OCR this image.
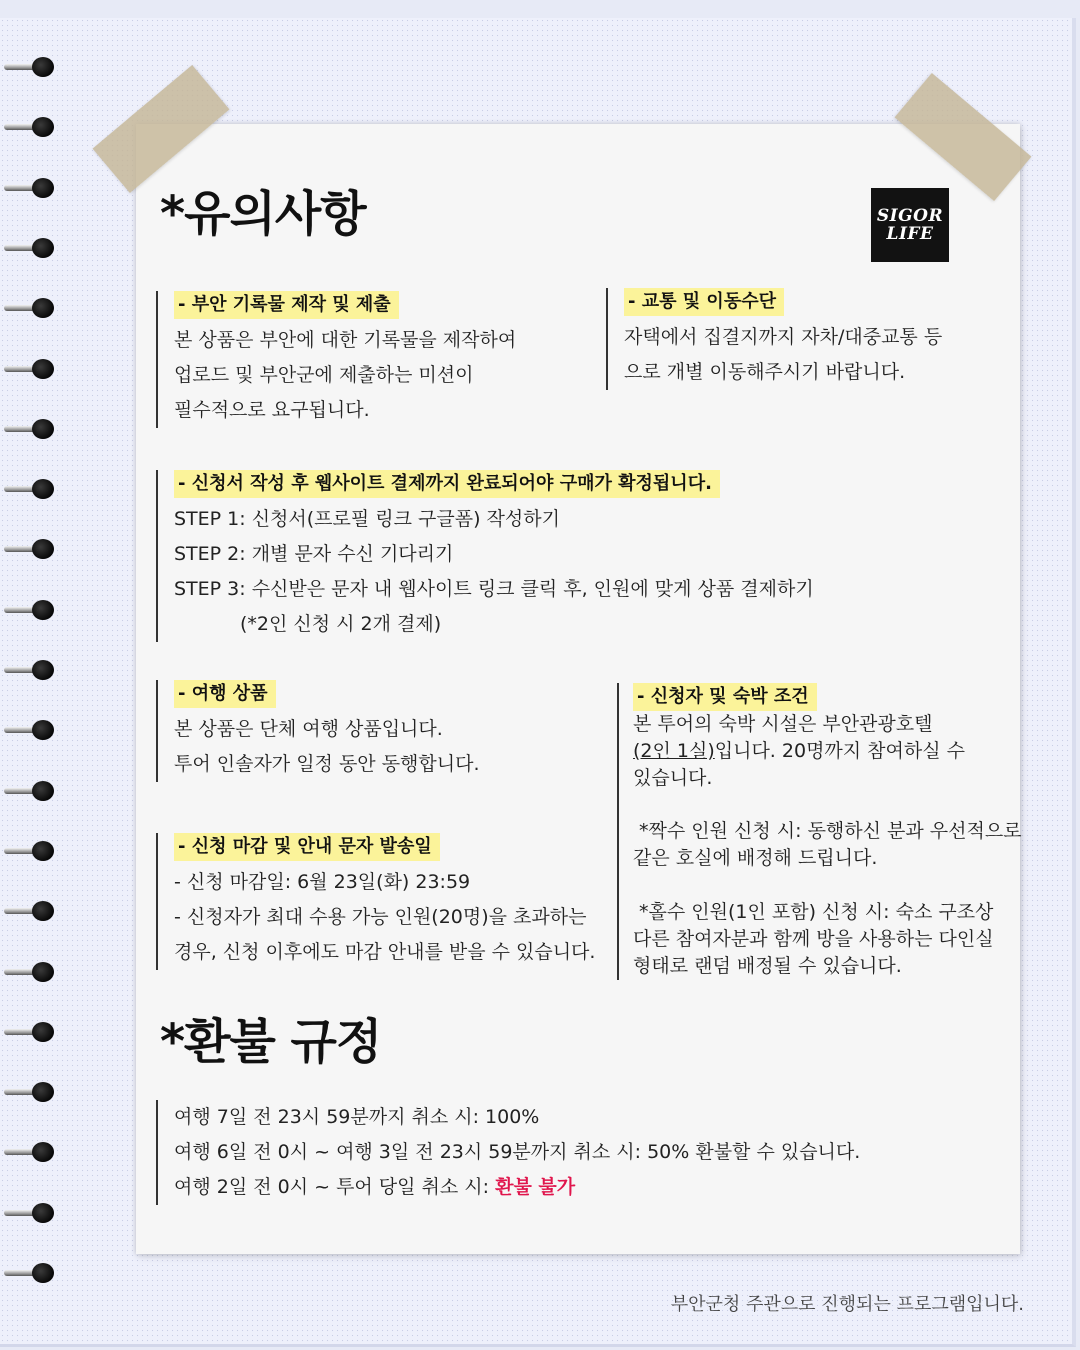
*유의사항	SIGOR
LIFE
- 부안 기록물 제작 및 제출
본 상품은 부안에 대한 기록물을 제작하여
업로드 및 부안군에 제출하는 미션이
필수적으로 요구됩니다.
- 교통 및 이동수단
자택에서 집결지까지 자차/대중교통 등
으로 개별 이동해주시기 바랍니다.
- 신청서 작성 후 웹사이트 결제까지 완료되어야 구매가 확정됩니다.
STEP 1: 신청서(프로필 링크 구글폼) 작성하기
STEP 2: 개별 문자 수신 기다리기
STEP 3: 수신받은 문자 내 웹사이트 링크 클릭 후, 인원에 맞게 상품 결제하기
(*2인 신청 시 2개 결제)
- 여행 상품
본 상품은 단체 여행 상품입니다.
투어 인솔자가 일정 동안 동행합니다.
- 신청 마감 및 안내 문자 발송일
- 신청 마감일: 6월 23일(화) 23:59
- 신청자가 최대 수용 가능 인원(20명)을 초과하는
경우, 신청 이후에도 마감 안내를 받을 수 있습니다.
- 신청자 및 숙박 조건
본 투어의 숙박 시설은 부안관광호텔
(2인 1실)입니다. 20명까지 참여하실 수
있습니다.
*짝수 인원 신청 시: 동행하신 분과 우선적으로
같은 호실에 배정해 드립니다.
*홀수 인원(1인 포함) 신청 시: 숙소 구조상
다른 참여자분과 함께 방을 사용하는 다인실
형태로 랜덤 배정될 수 있습니다.
*환불 규정
여행 7일 전 23시 59분까지 취소 시: 100%
여행 6일 전 0시 ~ 여행 3일 전 23시 59분까지 취소 시: 50% 환불할 수 있습니다.
여행 2일 전 0시 ~ 투어 당일 취소 시: 환불 불가
부안군청 주관으로 진행되는 프로그램입니다.
